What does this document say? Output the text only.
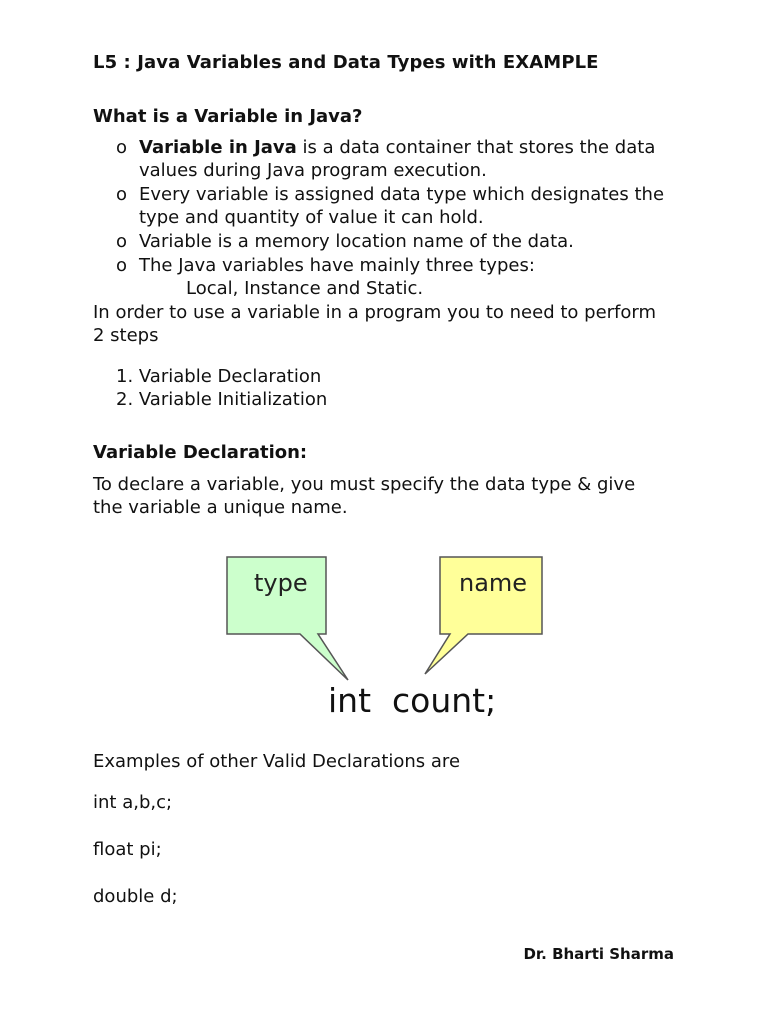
L5 : Java Variables and Data Types with EXAMPLE
What is a Variable in Java?
o Variable in Java is a data container that stores the data
values during Java program execution.
o Every variable is assigned data type which designates the
type and quantity of value it can hold.
o Variable is a memory location name of the data.
o The Java variables have mainly three types:
Local, Instance and Static.
In order to use a variable in a program you to need to perform
2 steps
1. Variable Declaration
2. Variable Initialization
Variable Declaration:
To declare a variable, you must specify the data type & give
the variable a unique name.
type	name
int  count;
Examples of other Valid Declarations are
int a,b,c;
float pi;
double d;
Dr. Bharti Sharma
